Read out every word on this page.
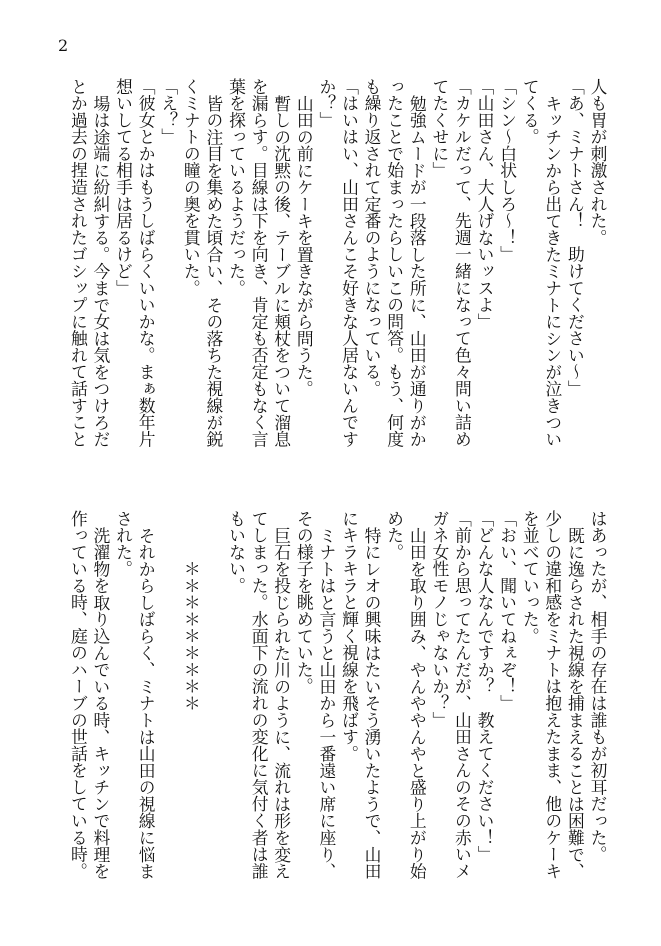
2
人も胃が刺激された。
「あ、ミナトさん！　助けてください～」
キッチンから出てきたミナトにシンが泣きつい
てくる。
「シン～白状しろ～！」
「山田さん、大人げないッスよ」
「カケルだって、先週一緒になって色々問い詰め
てたくせに」
勉強ムードが一段落した所に、山田が通りがか
ったことで始まったらしいこの問答。もう、何度
も繰り返されて定番のようになっている。
「はいはい、山田さんこそ好きな人居ないんです
か？」
山田の前にケーキを置きながら問うた。
暫しの沈黙の後、テーブルに頬杖をついて溜息
を漏らす。目線は下を向き、肯定も否定もなく言
葉を探っているようだった。
皆の注目を集めた頃合い、その落ちた視線が鋭
くミナトの瞳の奥を貫いた。
「え？」
「彼女とかはもうしばらくいいかな。まぁ数年片
想いしてる相手は居るけど」
場は途端に紛糾する。今まで女は気をつけろだ
とか過去の捏造されたゴシップに触れて話すこと
はあったが、相手の存在は誰もが初耳だった。
既に逸らされた視線を捕まえることは困難で、
少しの違和感をミナトは抱えたまま、他のケーキ
を並べていった。
「おい、聞いてねぇぞ！」
「どんな人なんですか？　教えてください！」
「前から思ってたんだが、山田さんのその赤いメ
ガネ女性モノじゃないか？」
山田を取り囲み、やんややんやと盛り上がり始
めた。
特にレオの興味はたいそう湧いたようで、山田
にキラキラと輝く視線を飛ばす。
ミナトはと言うと山田から一番遠い席に座り、
その様子を眺めていた。
巨石を投じられた川のように、流れは形を変え
てしまった。水面下の流れの変化に気付く者は誰
もいない。

　　　＊＊＊＊＊＊＊＊＊

それからしばらく、ミナトは山田の視線に悩ま
された。
洗濯物を取り込んでいる時、キッチンで料理を
作っている時、庭のハーブの世話をしている時。
